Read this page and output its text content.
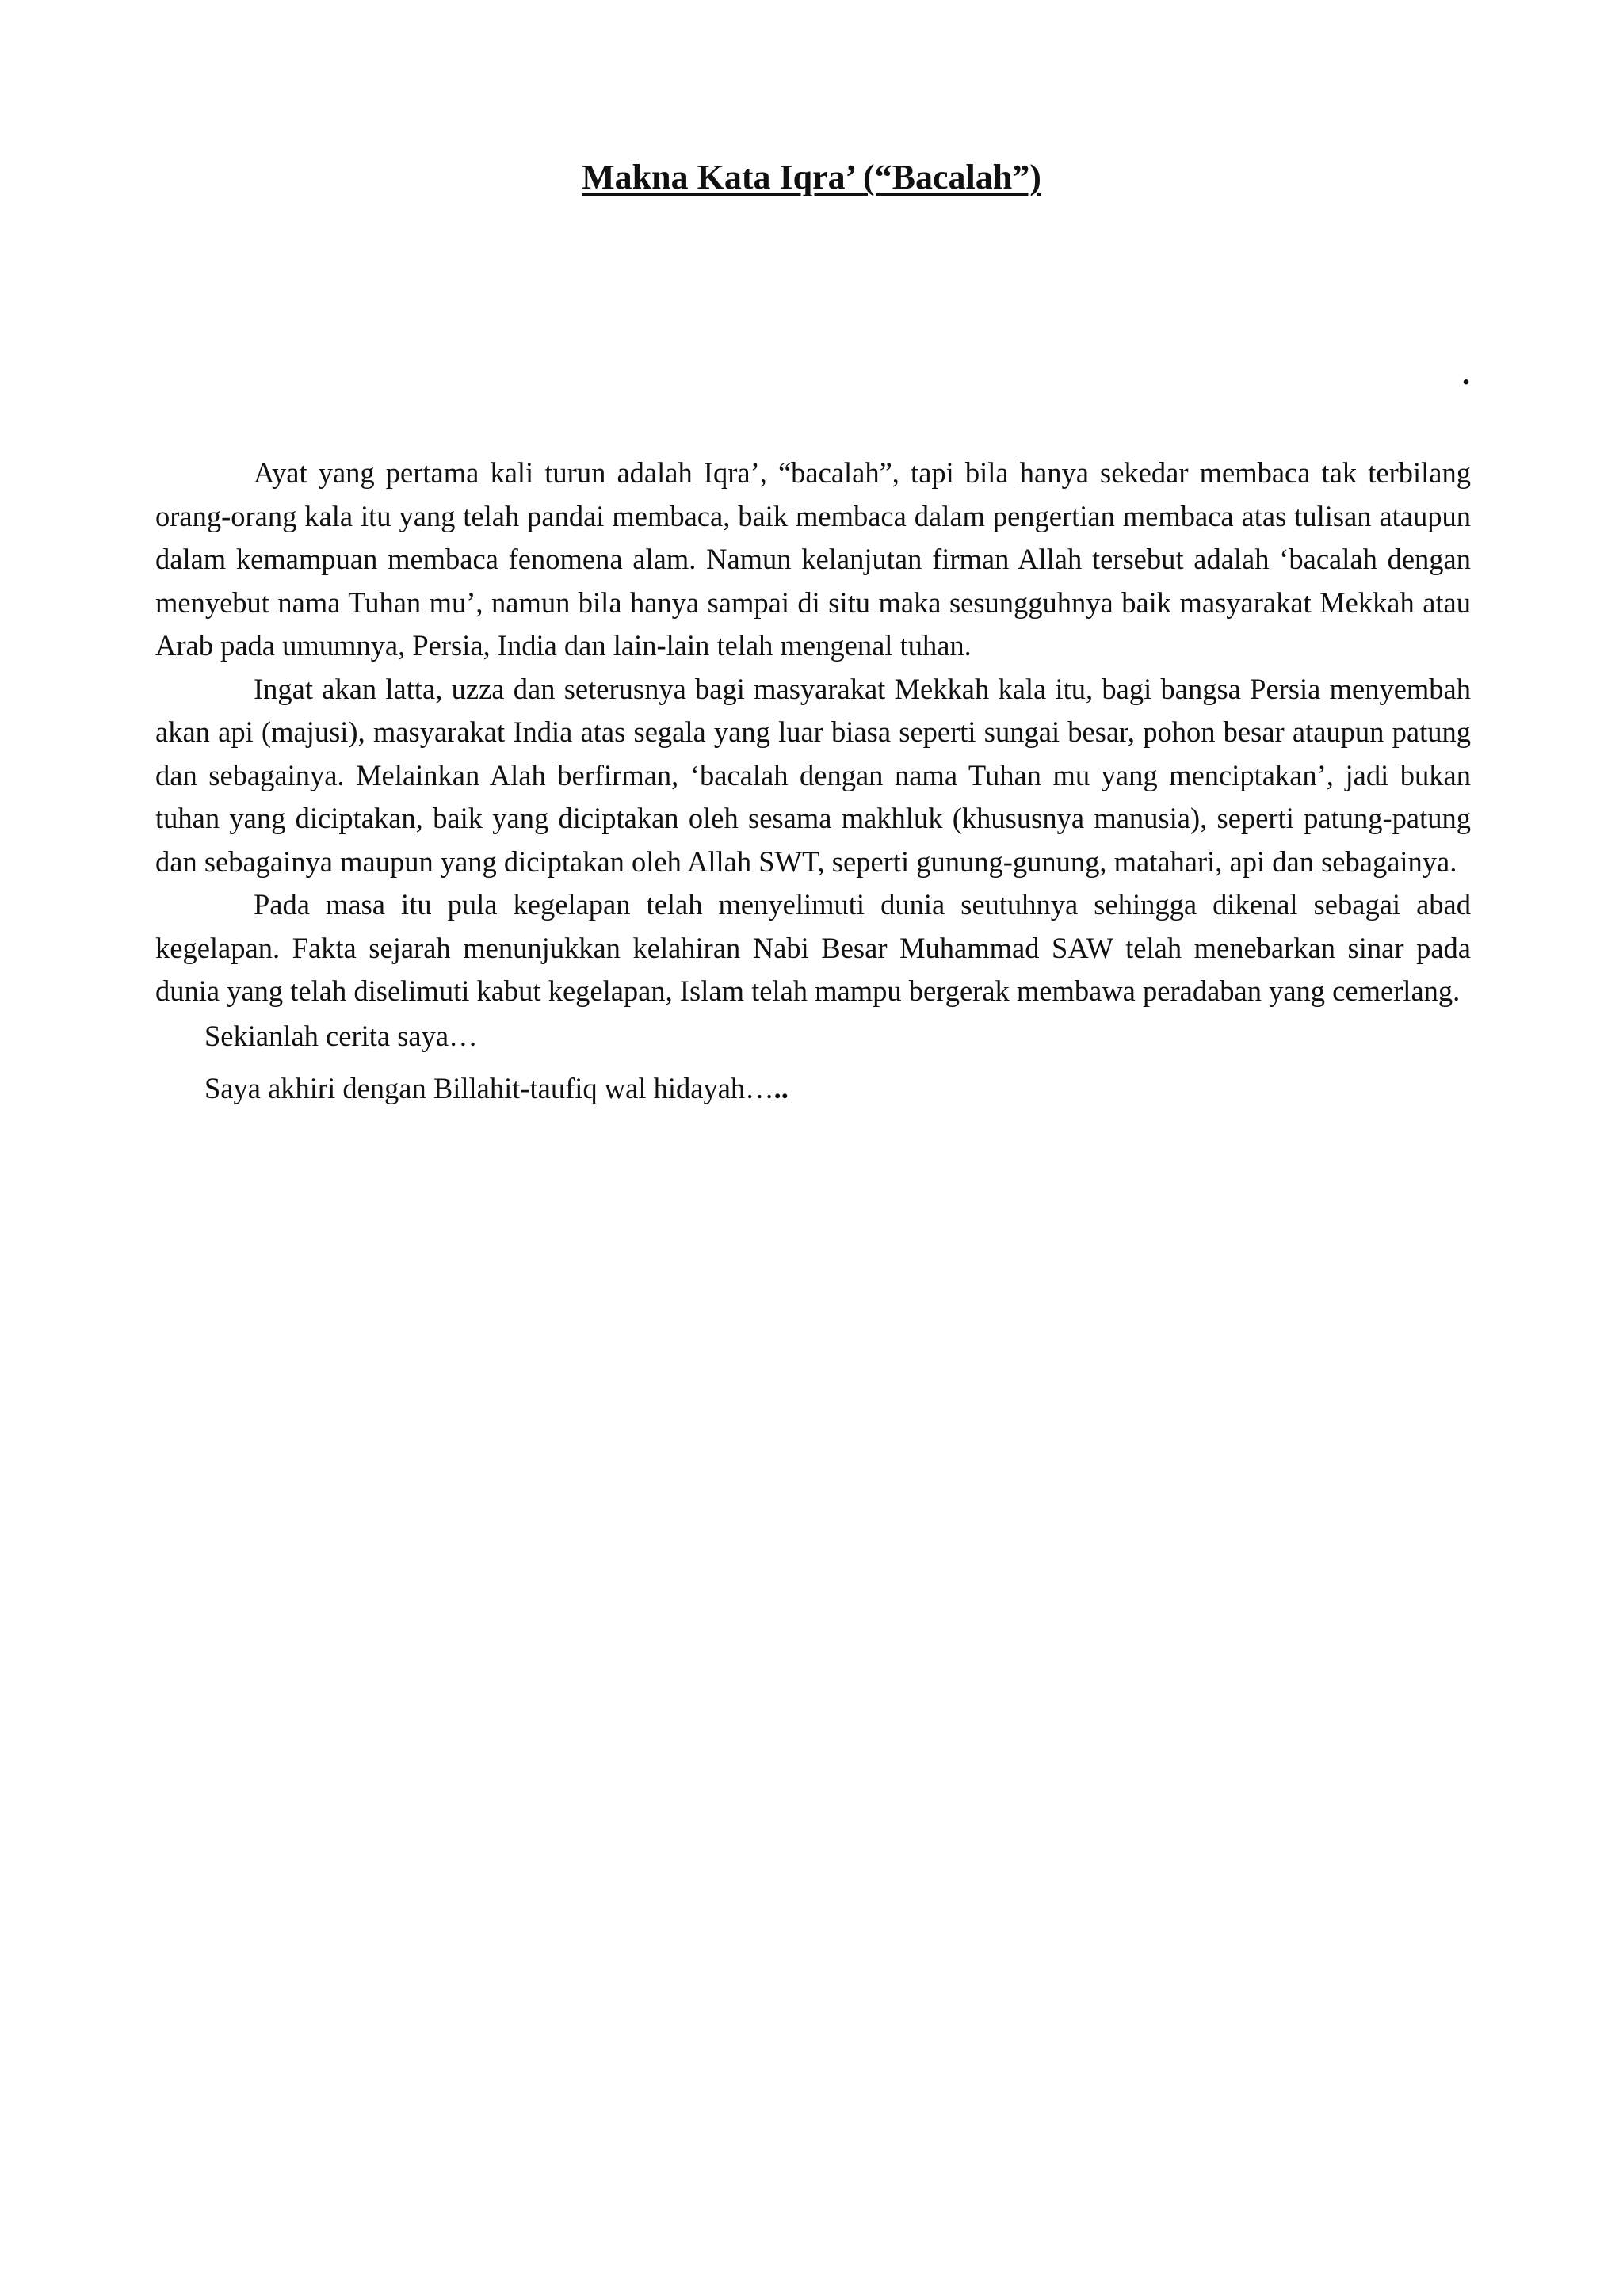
Makna Kata Iqra’ (“Bacalah”)
.

Ayat yang pertama kali turun adalah Iqra’, “bacalah”, tapi bila hanya sekedar membaca tak terbilang orang-orang kala itu yang telah pandai membaca, baik membaca dalam pengertian membaca atas tulisan ataupun dalam kemampuan membaca fenomena alam. Namun kelanjutan firman Allah tersebut adalah ‘bacalah dengan menyebut nama Tuhan mu’, namun bila hanya sampai di situ maka sesungguhnya baik masyarakat Mekkah atau Arab pada umumnya, Persia, India dan lain-lain telah mengenal tuhan.

Ingat akan latta, uzza dan seterusnya bagi masyarakat Mekkah kala itu, bagi bangsa Persia menyembah akan api (majusi), masyarakat India atas segala yang luar biasa seperti sungai besar, pohon besar ataupun patung dan sebagainya. Melainkan Alah berfirman, ‘bacalah dengan nama Tuhan mu yang menciptakan’, jadi bukan tuhan yang diciptakan, baik yang diciptakan oleh sesama makhluk (khususnya manusia), seperti patung-patung dan sebagainya maupun yang diciptakan oleh Allah SWT, seperti gunung-gunung, matahari, api dan sebagainya.

Pada masa itu pula kegelapan telah menyelimuti dunia seutuhnya sehingga dikenal sebagai abad kegelapan. Fakta sejarah menunjukkan kelahiran Nabi Besar Muhammad SAW telah menebarkan sinar pada dunia yang telah diselimuti kabut kegelapan, Islam telah mampu bergerak membawa peradaban yang cemerlang.

Sekianlah cerita saya…

Saya akhiri dengan Billahit-taufiq wal hidayah…..
